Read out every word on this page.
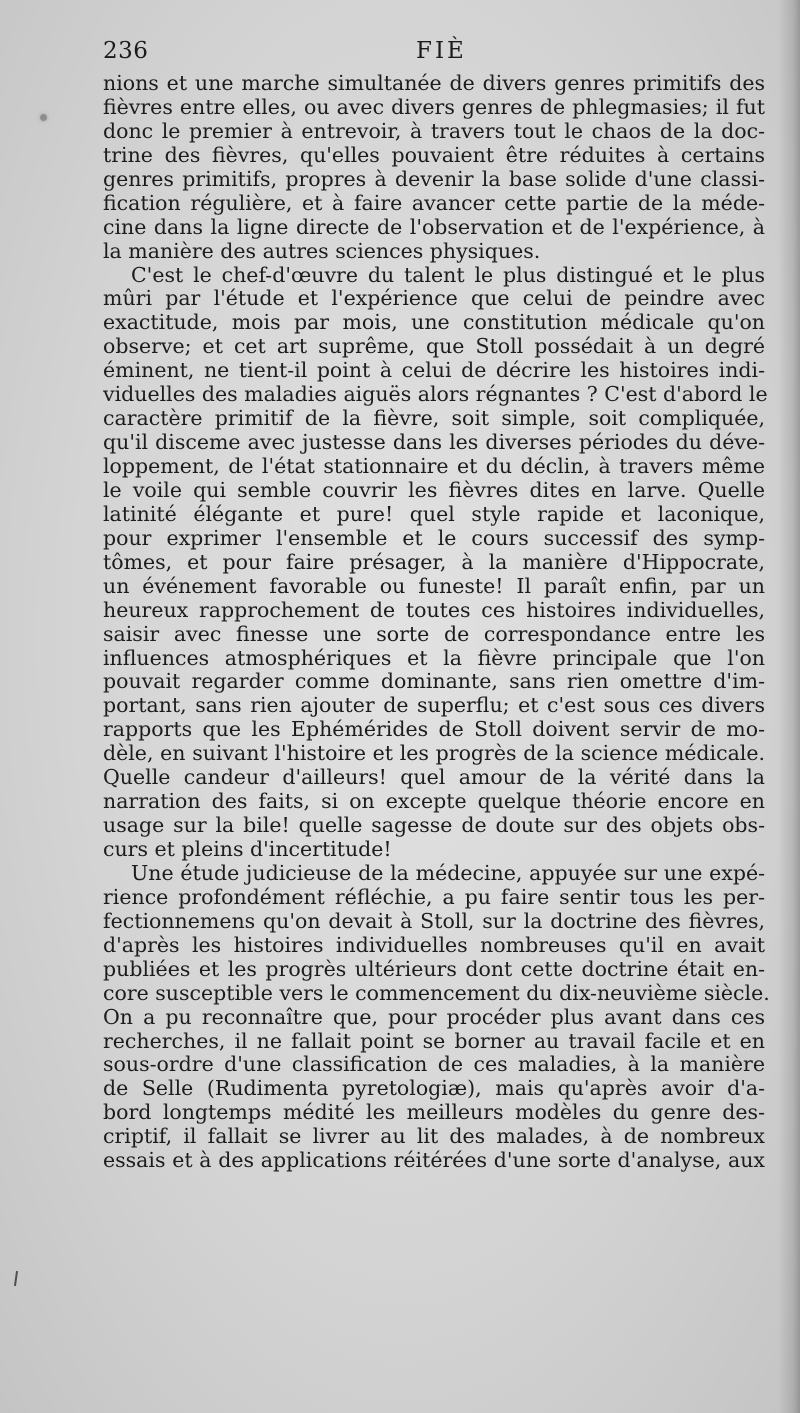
236	FIÈ
nions et une marche simultanée de divers genres primitifs des
fièvres entre elles, ou avec divers genres de phlegmasies; il fut
donc le premier à entrevoir, à travers tout le chaos de la doc-
trine des fièvres, qu'elles pouvaient être réduites à certains
genres primitifs, propres à devenir la base solide d'une classi-
fication régulière, et à faire avancer cette partie de la méde-
cine dans la ligne directe de l'observation et de l'expérience, à
la manière des autres sciences physiques.
C'est le chef-d'œuvre du talent le plus distingué et le plus
mûri par l'étude et l'expérience que celui de peindre avec
exactitude, mois par mois, une constitution médicale qu'on
observe; et cet art suprême, que Stoll possédait à un degré
éminent, ne tient-il point à celui de décrire les histoires indi-
viduelles des maladies aiguës alors régnantes ? C'est d'abord le
caractère primitif de la fièvre, soit simple, soit compliquée,
qu'il disceme avec justesse dans les diverses périodes du déve-
loppement, de l'état stationnaire et du déclin, à travers même
le voile qui semble couvrir les fièvres dites en larve. Quelle
latinité élégante et pure! quel style rapide et laconique,
pour exprimer l'ensemble et le cours successif des symp-
tômes, et pour faire présager, à la manière d'Hippocrate,
un événement favorable ou funeste! Il paraît enfin, par un
heureux rapprochement de toutes ces histoires individuelles,
saisir avec finesse une sorte de correspondance entre les
influences atmosphériques et la fièvre principale que l'on
pouvait regarder comme dominante, sans rien omettre d'im-
portant, sans rien ajouter de superflu; et c'est sous ces divers
rapports que les Ephémérides de Stoll doivent servir de mo-
dèle, en suivant l'histoire et les progrès de la science médicale.
Quelle candeur d'ailleurs! quel amour de la vérité dans la
narration des faits, si on excepte quelque théorie encore en
usage sur la bile! quelle sagesse de doute sur des objets obs-
curs et pleins d'incertitude!
Une étude judicieuse de la médecine, appuyée sur une expé-
rience profondément réfléchie, a pu faire sentir tous les per-
fectionnemens qu'on devait à Stoll, sur la doctrine des fièvres,
d'après les histoires individuelles nombreuses qu'il en avait
publiées et les progrès ultérieurs dont cette doctrine était en-
core susceptible vers le commencement du dix-neuvième siècle.
On a pu reconnaître que, pour procéder plus avant dans ces
recherches, il ne fallait point se borner au travail facile et en
sous-ordre d'une classification de ces maladies, à la manière
de Selle (Rudimenta pyretologiæ), mais qu'après avoir d'a-
bord longtemps médité les meilleurs modèles du genre des-
criptif, il fallait se livrer au lit des malades, à de nombreux
essais et à des applications réitérées d'une sorte d'analyse, aux
